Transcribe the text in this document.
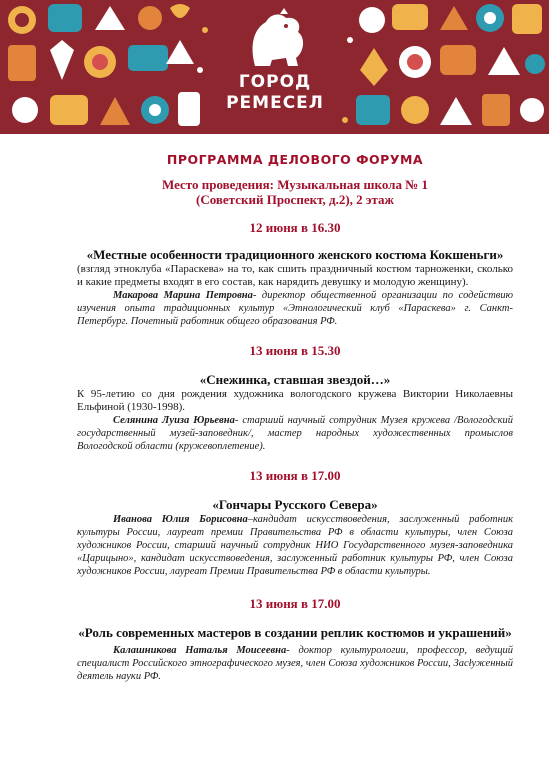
ГОРОД
РЕМЕСЕЛ
ПРОГРАММА ДЕЛОВОГО ФОРУМА
Место проведения: Музыкальная школа № 1
(Советский Проспект, д.2), 2 этаж
12 июня в 16.30
«Местные особенности традиционного женского костюма Кокшеньги»
(взгляд этноклуба «Параскева» на то, как сшить праздничный костюм тарноженки, сколько и какие предметы входят в его состав, как нарядить девушку и молодую женщину).
Макарова Марина Петровна- директор общественной организации по содействию изучения опыта традиционных культур «Этнологический клуб «Параскева» г. Санкт-Петербург. Почетный работник общего образования РФ.
13 июня в 15.30
«Снежинка, ставшая звездой…»
К 95-летию со дня рождения художника вологодского кружева Виктории Николаевны Ельфиной (1930-1998).
Селянина Луиза Юрьевна- старший научный сотрудник Музея кружева /Вологодский государственный музей-заповедник/, мастер народных художественных промыслов Вологодской области (кружевоплетение).
13 июня в 17.00
«Гончары Русского Севера»
Иванова Юлия Борисовна–кандидат искусствоведения, заслуженный работник культуры России, лауреат премии Правительства РФ в области культуры, член Союза художников России, старший научный сотрудник НИО Государственного музея-заповедника «Царицыно», кандидат искусствоведения, заслуженный работник культуры РФ, член Союза художников России, лауреат Премии Правительства РФ в области культуры.
13 июня в 17.00
«Роль современных мастеров в создании реплик костюмов и украшений»
Калашникова Наталья Моисеевна- доктор культурологии, профессор, ведущий специалист Российского этнографического музея, член Союза художников России, Засłуженный деятель науки РФ.
